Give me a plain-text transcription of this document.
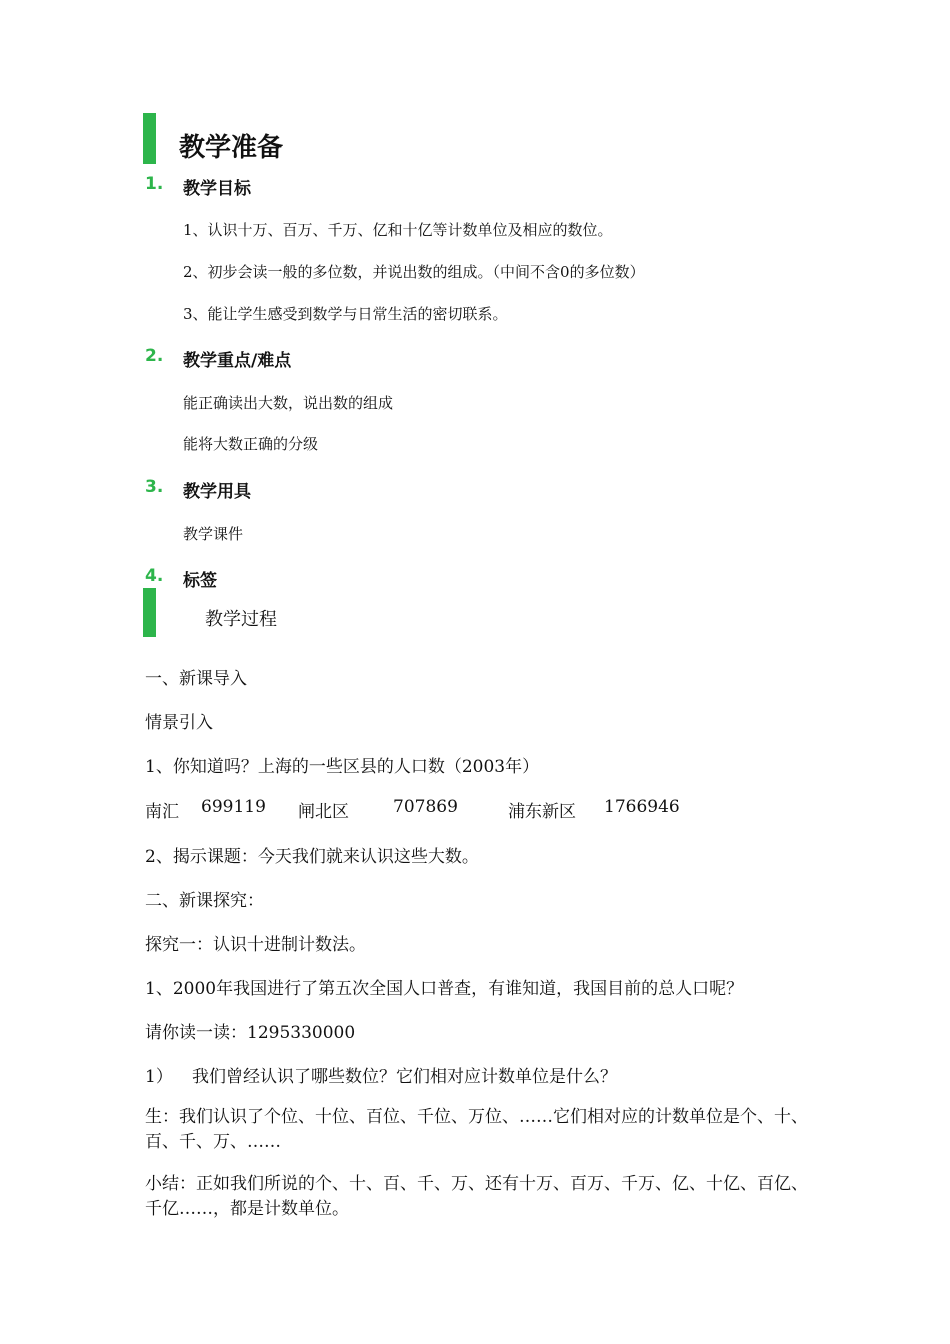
教学准备
1. 教学目标
1、认识十万、百万、千万、亿和十亿等计数单位及相应的数位。
2、初步会读一般的多位数，并说出数的组成。（中间不含0的多位数）
3、能让学生感受到数学与日常生活的密切联系。
2. 教学重点/难点
能正确读出大数，说出数的组成
能将大数正确的分级
3. 教学用具
教学课件
4. 标签
教学过程
一、新课导入
情景引入
1、你知道吗？上海的一些区县的人口数（2003年）
南汇 699119 闸北区	707869	浦东新区 1766946
2、揭示课题：今天我们就来认识这些大数。
二、新课探究：
探究一：认识十进制计数法。
1、2000年我国进行了第五次全国人口普查，有谁知道，我国目前的总人口呢？
请你读一读：1295330000
1） 我们曾经认识了哪些数位？它们相对应计数单位是什么？
生：我们认识了个位、十位、百位、千位、万位、……它们相对应的计数单位是个、十、百、千、万、……
小结：正如我们所说的个、十、百、千、万、还有十万、百万、千万、亿、十亿、百亿、千亿……，都是计数单位。
